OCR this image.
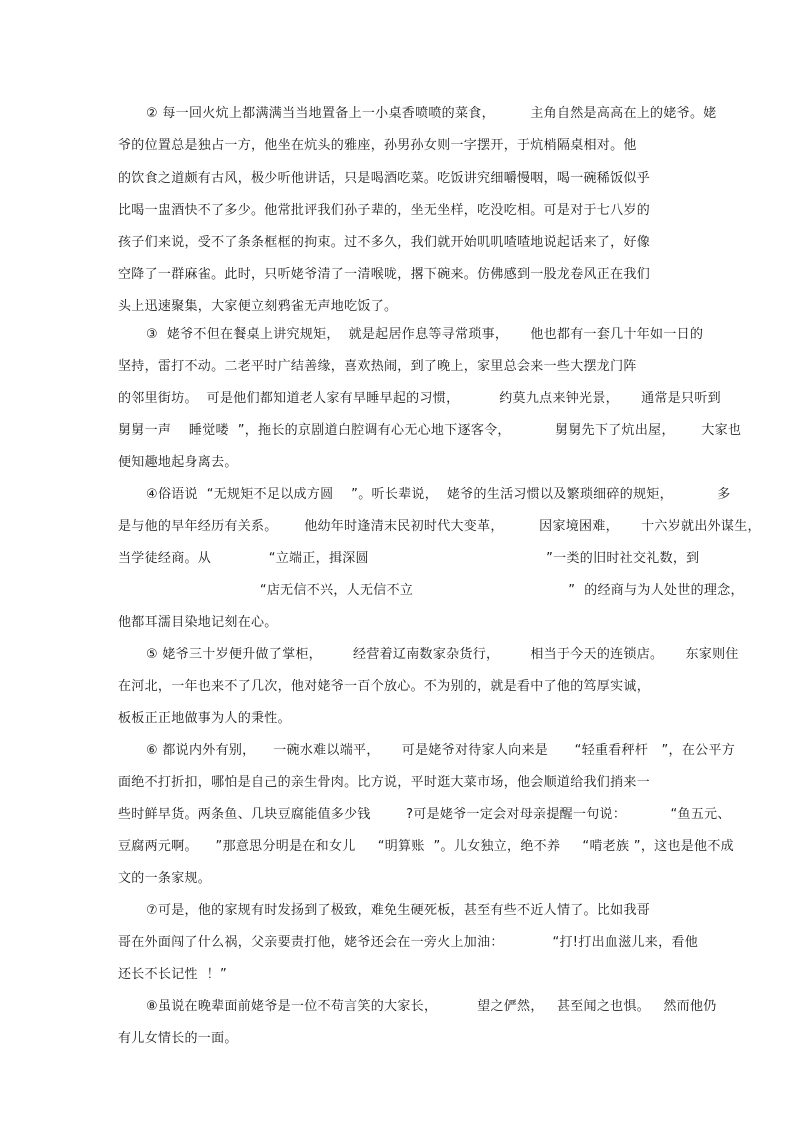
② 每一回火炕上都满满当当地置备上一小桌香喷喷的菜食，        主角自然是高高在上的姥爷。姥
爷的位置总是独占一方，他坐在炕头的雅座，孙男孙女则一字摆开，于炕梢隔桌相对。他
的饮食之道颇有古风，极少听他讲话，只是喝酒吃菜。吃饭讲究细嚼慢咽，喝一碗稀饭似乎
比喝一盅酒快不了多少。他常批评我们孙子辈的，坐无坐样，吃没吃相。可是对于七八岁的
孩子们来说，受不了条条框框的拘束。过不多久，我们就开始叽叽喳喳地说起话来了，好像
空降了一群麻雀。此时，只听姥爷清了一清喉咙，撂下碗来。仿佛感到一股龙卷风正在我们
头上迅速聚集，大家便立刻鸦雀无声地吃饭了。
③  姥爷不但在餐桌上讲究规矩，  就是起居作息等寻常琐事，     他也都有一套几十年如一日的
坚持，雷打不动。二老平时广结善缘，喜欢热闹，到了晚上，家里总会来一些大摆龙门阵
的邻里街坊。  可是他们都知道老人家有早睡早起的习惯，         约莫九点来钟光景，     通常是只听到
舅舅一声    睡觉喽  ”，拖长的京剧道白腔调有心无心地下逐客令，          舅舅先下了炕出屋，      大家也
便知趣地起身离去。
④俗语说  “无规矩不足以成方圆    ”。听长辈说，  姥爷的生活习惯以及繁琐细碎的规矩，          多
是与他的早年经历有关系。      他幼年时逢清末民初时代大变革，        因家境困难，     十六岁就出外谋生，
当学徒经商。从             “立端正，揖深圆                                        ”一类的旧时社交礼数，到
“店无信不兴，人无信不立                                   ”  的经商与为人处世的理念，
他都耳濡目染地记刻在心。
⑤ 姥爷三十岁便升做了掌柜，       经营着辽南数家杂货行，       相当于今天的连锁店。     东家则住
在河北，一年也来不了几次，他对姥爷一百个放心。不为别的，就是看中了他的笃厚实诚，
板板正正地做事为人的秉性。
⑥ 都说内外有别，    一碗水难以端平，     可是姥爷对待家人向来是      “轻重看秤杆   ”，在公平方
面绝不打折扣，哪怕是自己的亲生骨肉。比方说，平时逛大菜市场，他会顺道给我们捎来一
些时鲜早货。两条鱼、几块豆腐能值多少钱        ?可是姥爷一定会对母亲提醒一句说：          “鱼五元、
豆腐两元啊。    ”那意思分明是在和女儿     “明算账  ”。儿女独立，绝不养     “啃老族 ”，这也是他不成
文的一条家规。
⑦可是，他的家规有时发扬到了极致，难免生硬死板，甚至有些不近人情了。比如我哥
哥在外面闯了什么祸，父亲要责打他，姥爷还会在一旁火上加油：           “打!打出血滋儿来，看他
还长不长记性  ！”
⑧虽说在晚辈面前姥爷是一位不苟言笑的大家长，         望之俨然，   甚至闻之也惧。   然而他仍
有儿女情长的一面。
